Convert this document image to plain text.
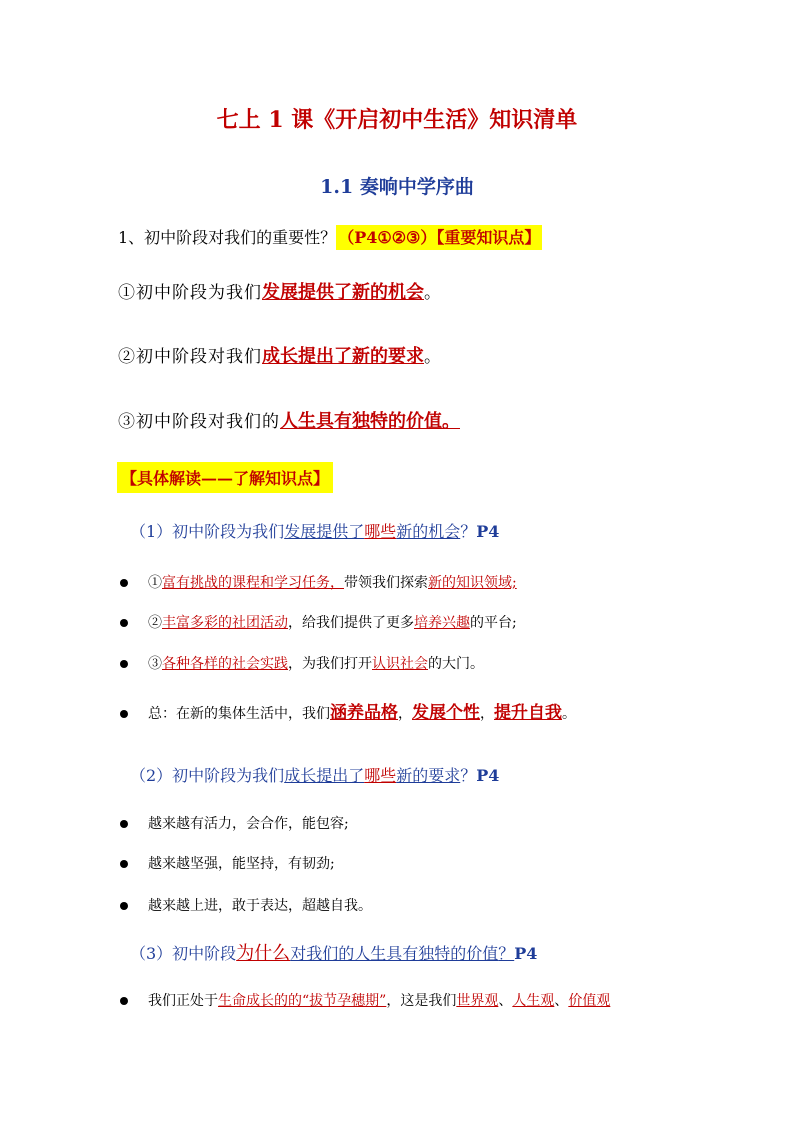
七上 1 课《开启初中生活》知识清单
1.1 奏响中学序曲
1、初中阶段对我们的重要性？ （P4①②③）【重要知识点】
①初中阶段为我们发展提供了新的机会。
②初中阶段对我们成长提出了新的要求。
③初中阶段对我们的人生具有独特的价值。
【具体解读——了解知识点】
（1）初中阶段为我们发展提供了哪些新的机会？P4
①富有挑战的课程和学习任务，带领我们探索新的知识领域;
②丰富多彩的社团活动，给我们提供了更多培养兴趣的平台;
③各种各样的社会实践，为我们打开认识社会的大门。
总：在新的集体生活中，我们涵养品格，发展个性，提升自我。
（2）初中阶段为我们成长提出了哪些新的要求？P4
越来越有活力，会合作，能包容;
越来越坚强，能坚持，有韧劲;
越来越上进，敢于表达，超越自我。
（3）初中阶段为什么对我们的人生具有独特的价值？P4
我们正处于生命成长的的“拔节孕穗期”，这是我们世界观、人生观、价值观
